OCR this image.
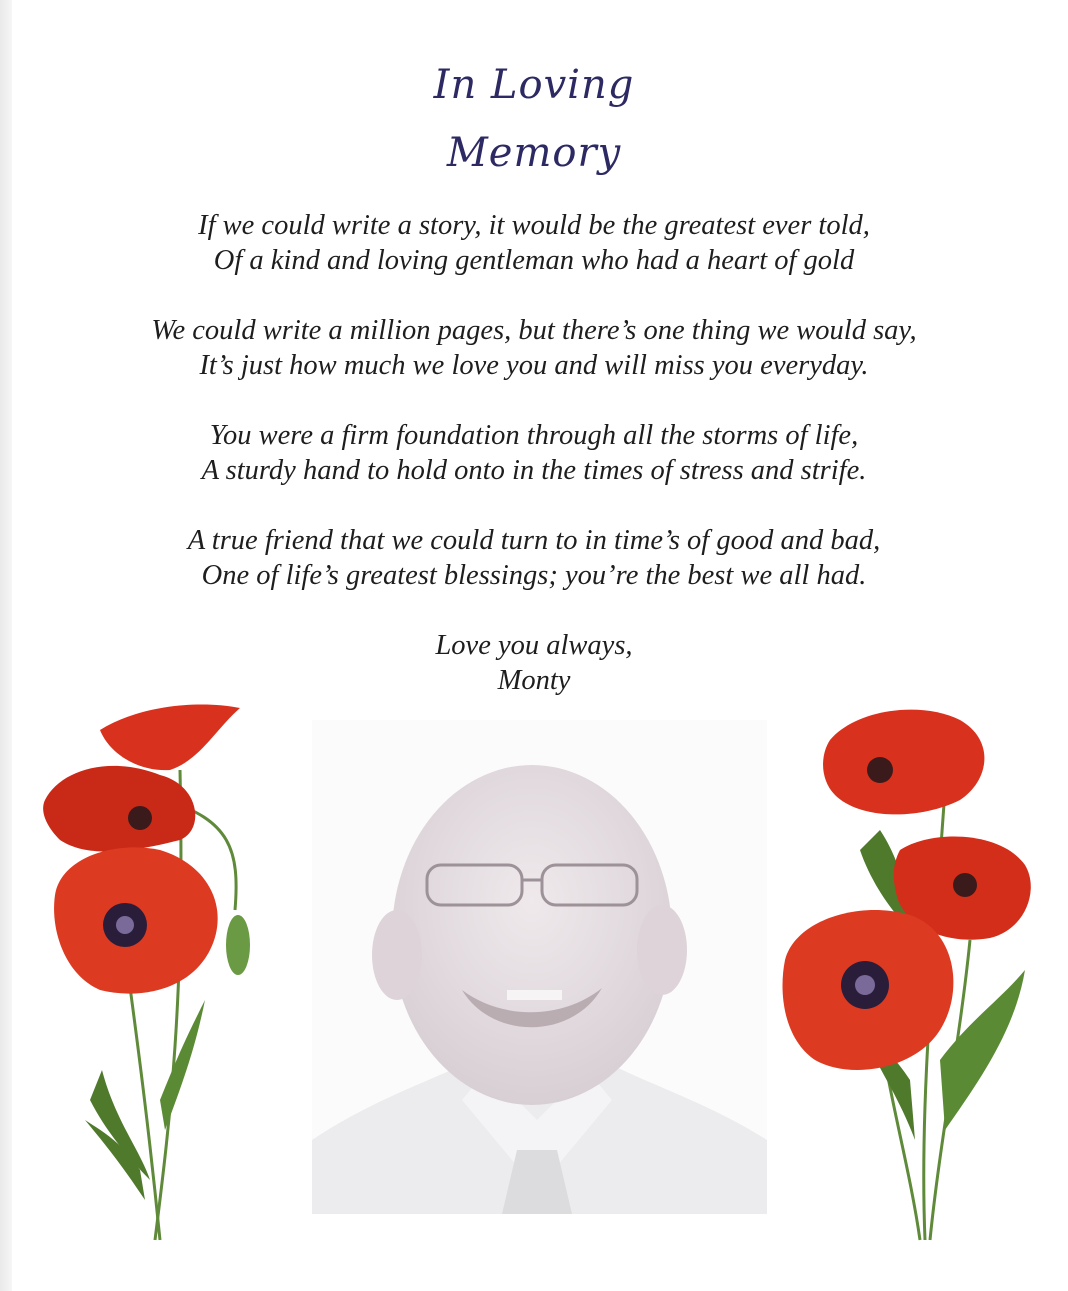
In Loving
Memory
If we could write a story, it would be the greatest ever told,
Of a kind and loving gentleman who had a heart of gold
We could write a million pages, but there’s one thing we would say,
It’s just how much we love you and will miss you everyday.
You were a firm foundation through all the storms of life,
A sturdy hand to hold onto in the times of stress and strife.
A true friend that we could turn to in time’s of good and bad,
One of life’s greatest blessings; you’re the best we all had.
Love you always,
Monty
